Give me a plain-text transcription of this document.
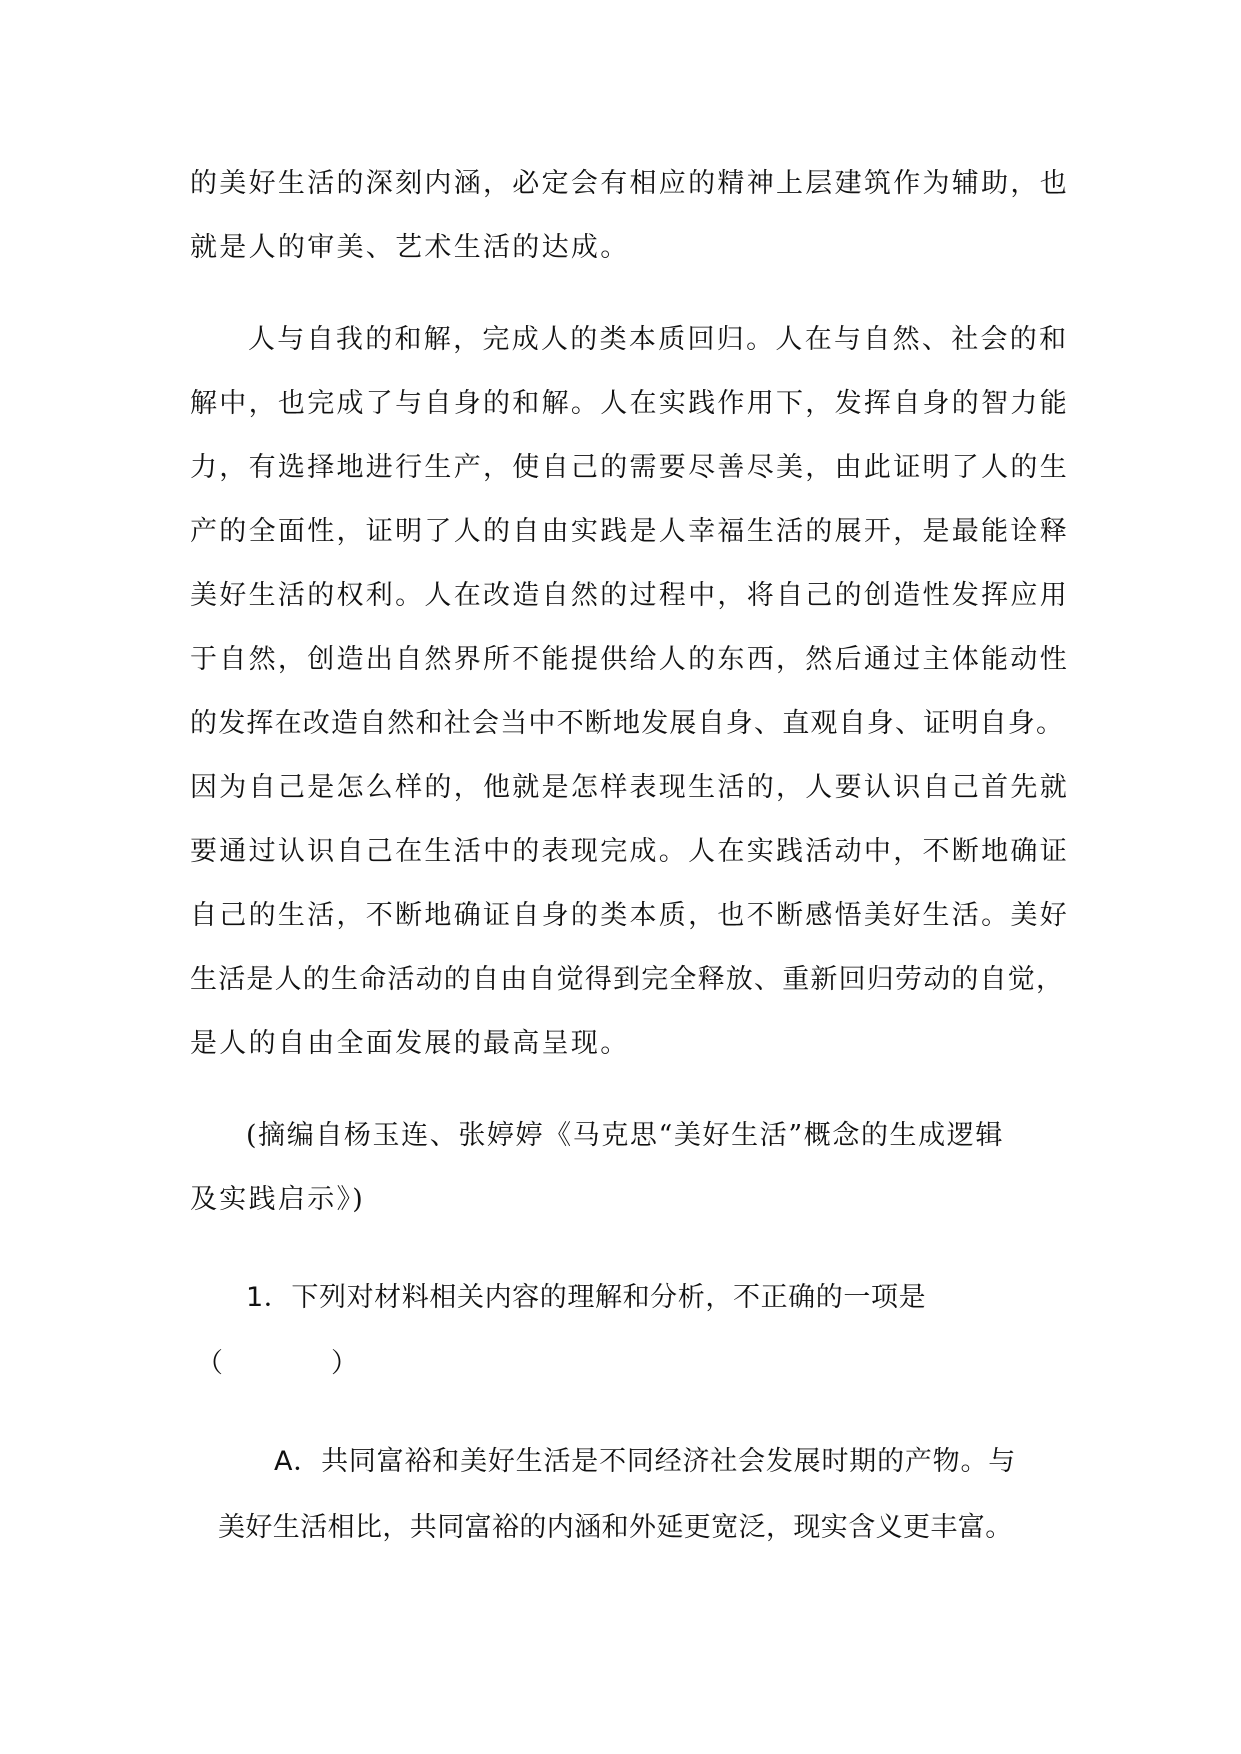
的美好生活的深刻内涵，必定会有相应的精神上层建筑作为辅助，也

就是人的审美、艺术生活的达成。

人与自我的和解，完成人的类本质回归。人在与自然、社会的和

解中，也完成了与自身的和解。人在实践作用下，发挥自身的智力能

力，有选择地进行生产，使自己的需要尽善尽美，由此证明了人的生

产的全面性，证明了人的自由实践是人幸福生活的展开，是最能诠释

美好生活的权利。人在改造自然的过程中，将自己的创造性发挥应用

于自然，创造出自然界所不能提供给人的东西，然后通过主体能动性

的发挥在改造自然和社会当中不断地发展自身、直观自身、证明自身。

因为自己是怎么样的，他就是怎样表现生活的，人要认识自己首先就

要通过认识自己在生活中的表现完成。人在实践活动中，不断地确证

自己的生活，不断地确证自身的类本质，也不断感悟美好生活。美好

生活是人的生命活动的自由自觉得到完全释放、重新回归劳动的自觉，

是人的自由全面发展的最高呈现。

(摘编自杨玉连、张婷婷《马克思“美好生活”概念的生成逻辑

及实践启示》)

1．下列对材料相关内容的理解和分析，不正确的一项是

（　　　　）

A．共同富裕和美好生活是不同经济社会发展时期的产物。与

美好生活相比，共同富裕的内涵和外延更宽泛，现实含义更丰富。
